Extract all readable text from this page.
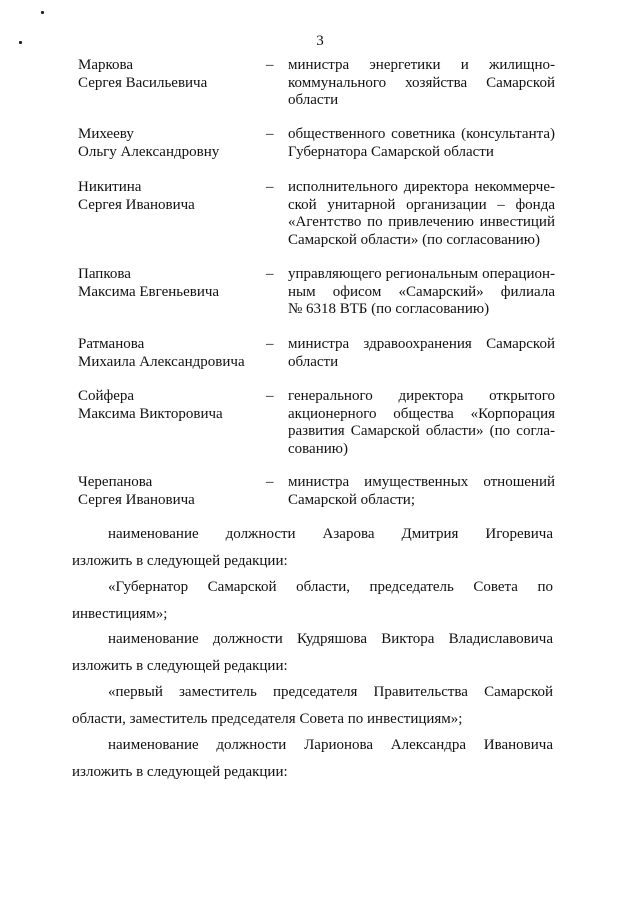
3
Маркова
Сергея Васильевича
– министра энергетики и жилищно-
коммунального хозяйства Самарской
области
Михееву
Ольгу Александровну
– общественного советника (консультанта)
Губернатора Самарской области
Никитина
Сергея Ивановича
– исполнительного директора некоммерче-
ской унитарной организации – фонда
«Агентство по привлечению инвестиций
Самарской области» (по согласованию)
Папкова
Максима Евгеньевича
– управляющего региональным операцион-
ным офисом «Самарский» филиала
№ 6318 ВТБ (по согласованию)
Ратманова
Михаила Александровича
– министра здравоохранения Самарской
области
Сойфера
Максима Викторовича
– генерального директора открытого
акционерного общества «Корпорация
развития Самарской области» (по согла-
сованию)
Черепанова
Сергея Ивановича
– министра имущественных отношений
Самарской области;
наименование должности Азарова Дмитрия Игоревича
изложить в следующей редакции:
«Губернатор Самарской области, председатель Совета по
инвестициям»;
наименование должности Кудряшова Виктора Владиславовича
изложить в следующей редакции:
«первый заместитель председателя Правительства Самарской
области, заместитель председателя Совета по инвестициям»;
наименование должности Ларионова Александра Ивановича
изложить в следующей редакции:
